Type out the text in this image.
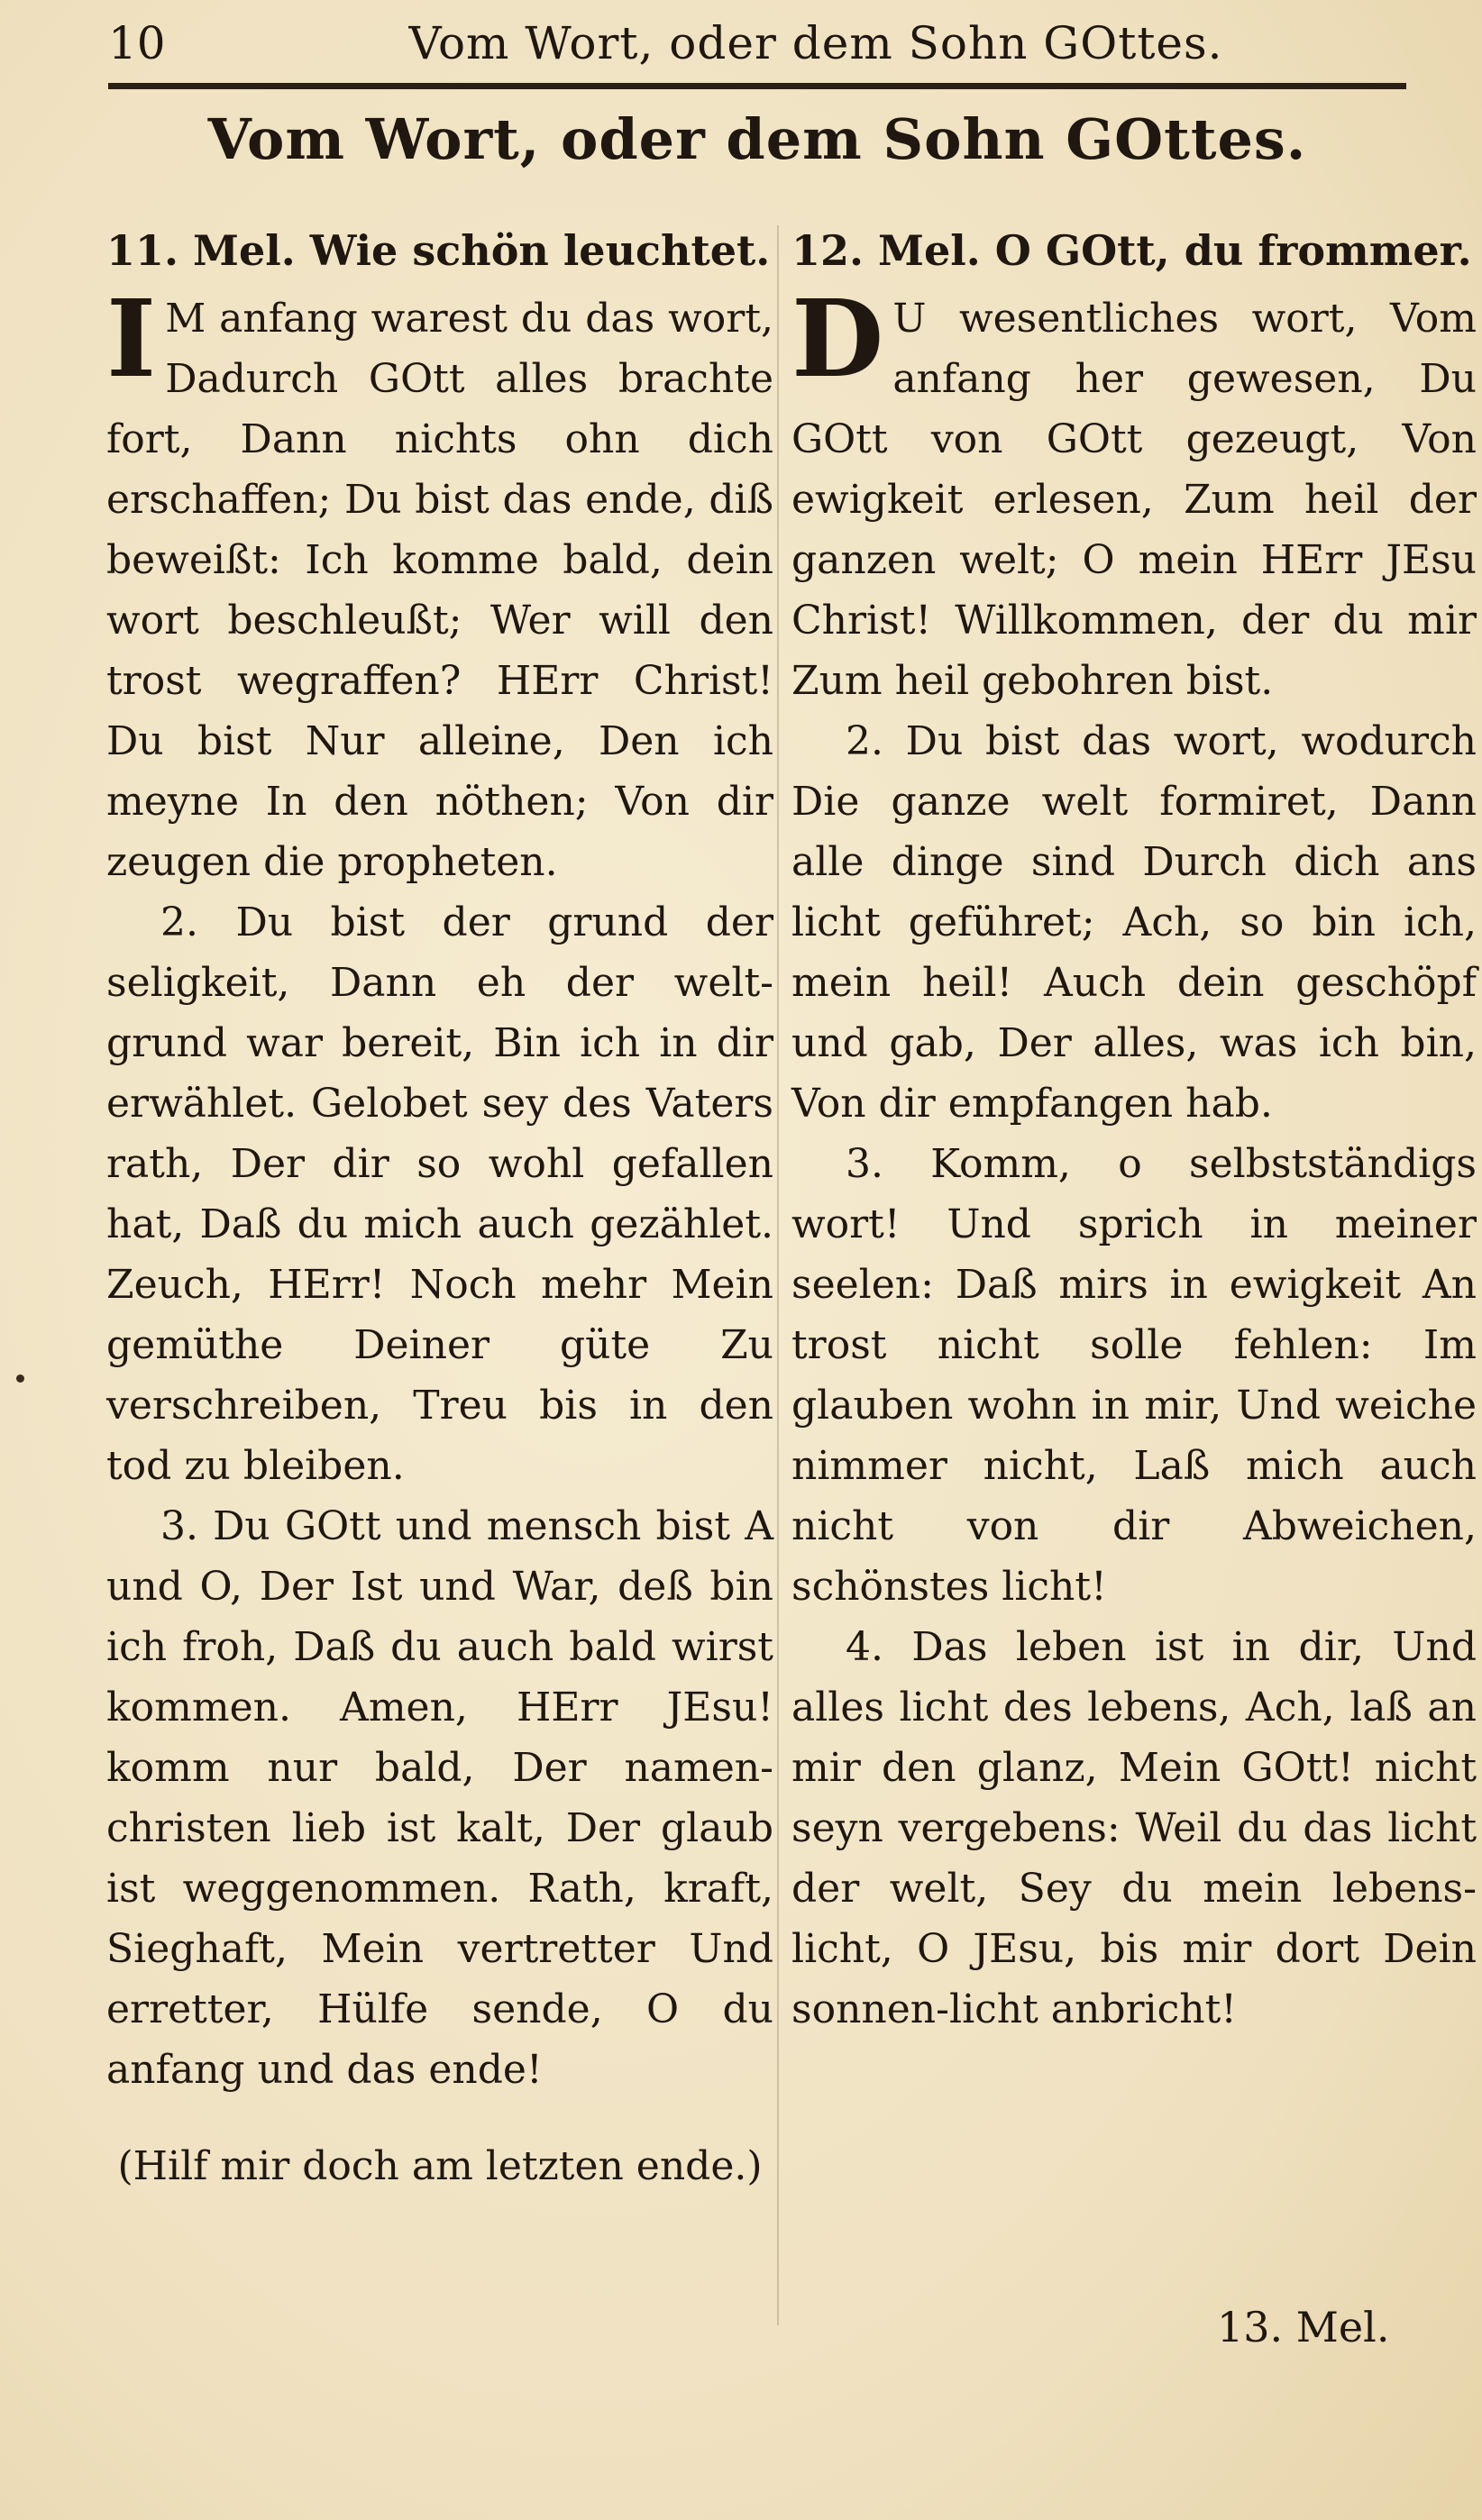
10	Vom Wort, oder dem Sohn GOttes.
Vom Wort, oder dem Sohn GOttes.
11. Mel. Wie schön leuchtet.

IM anfang warest du das wort, Dadurch GOtt alles brachte fort, Dann nichts ohn dich erschaffen; Du bist das ende, diß beweißt: Ich komme bald, dein wort beschleußt; Wer will den trost wegraffen? HErr Christ! Du bist Nur alleine, Den ich meyne In den nöthen; Von dir zeugen die propheten.

2. Du bist der grund der seligkeit, Dann eh der welt-grund war bereit, Bin ich in dir erwählet. Gelobet sey des Vaters rath, Der dir so wohl gefallen hat, Daß du mich auch gezählet. Zeuch, HErr! Noch mehr Mein gemüthe Deiner güte Zu verschreiben, Treu bis in den tod zu bleiben.

3. Du GOtt und mensch bist A und O, Der Ist und War, deß bin ich froh, Daß du auch bald wirst kommen. Amen, HErr JEsu! komm nur bald, Der namen-christen lieb ist kalt, Der glaub ist weggenommen. Rath, kraft, Sieghaft, Mein vertretter Und erretter, Hülfe sende, O du anfang und das ende!

(Hilf mir doch am letzten ende.)

12. Mel. O GOtt, du frommer.

DU wesentliches wort, Vom anfang her gewesen, Du GOtt von GOtt gezeugt, Von ewigkeit erlesen, Zum heil der ganzen welt; O mein HErr JEsu Christ! Willkommen, der du mir Zum heil gebohren bist.

2. Du bist das wort, wodurch Die ganze welt formiret, Dann alle dinge sind Durch dich ans licht geführet; Ach, so bin ich, mein heil! Auch dein geschöpf und gab, Der alles, was ich bin, Von dir empfangen hab.

3. Komm, o selbstständigs wort! Und sprich in meiner seelen: Daß mirs in ewigkeit An trost nicht solle fehlen: Im glauben wohn in mir, Und weiche nimmer nicht, Laß mich auch nicht von dir Abweichen, schönstes licht!

4. Das leben ist in dir, Und alles licht des lebens, Ach, laß an mir den glanz, Mein GOtt! nicht seyn vergebens: Weil du das licht der welt, Sey du mein lebens-licht, O JEsu, bis mir dort Dein sonnen-licht anbricht!

13. Mel.
